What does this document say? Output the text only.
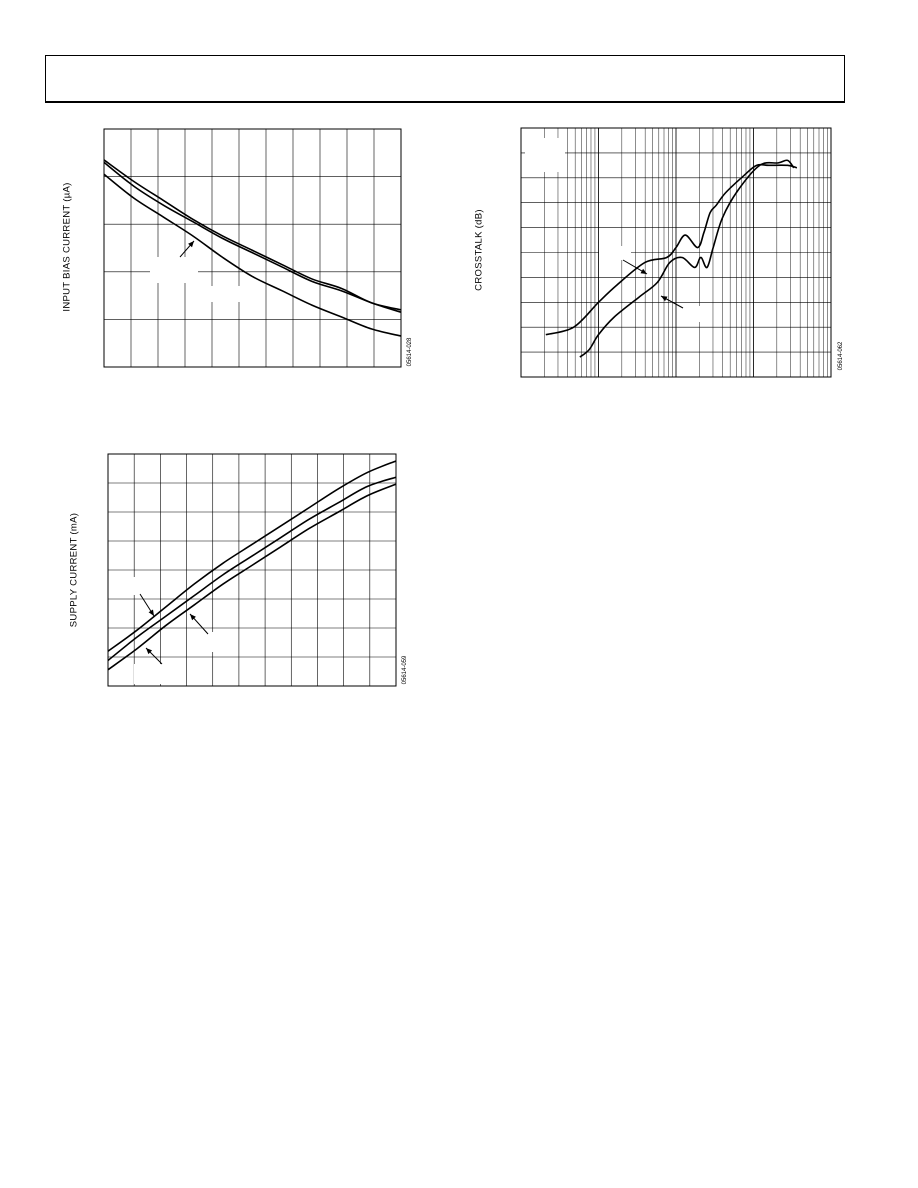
INPUT BIAS CURRENT (µA)
05614-028
SUPPLY CURRENT (mA)
05614-059
CROSSTALK (dB)
05614-062
